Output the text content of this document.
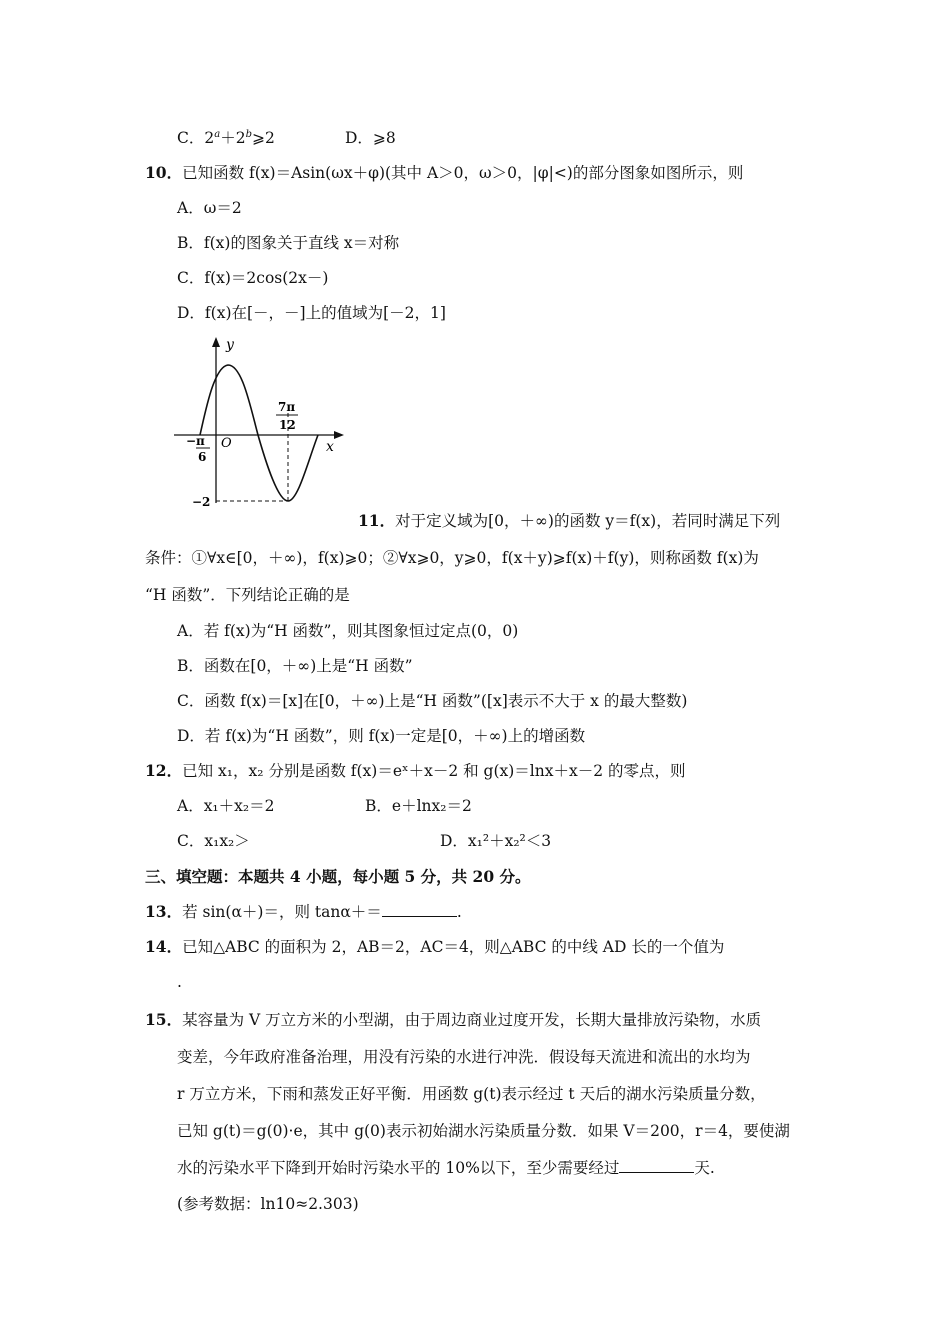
C．$2^a+2^b⩾2$	D．⩾8
10．已知函数 f(x)＝Asin(ωx＋φ)(其中 A＞0，ω＞0，|φ|<)的部分图象如图所示，则
A．ω＝2
B．f(x)的图象关于直线 x＝对称
C．f(x)＝2cos(2x－)
D．f(x)在[－，－]上的值域为[－2，1]
y
x
O
−π
6
7π
12
−2
11．对于定义域为[0，＋∞)的函数 y＝f(x)，若同时满足下列
条件：①∀x∈[0，＋∞)，f(x)⩾0；②∀x⩾0，y⩾0，f(x＋y)⩾f(x)＋f(y)，则称函数 f(x)为
“H 函数”．下列结论正确的是
A．若 f(x)为“H 函数”，则其图象恒过定点(0，0)
B．函数在[0，＋∞)上是“H 函数”
C．函数 f(x)＝[x]在[0，＋∞)上是“H 函数”([x]表示不大于 x 的最大整数)
D．若 f(x)为“H 函数”，则 f(x)一定是[0，＋∞)上的增函数
12．已知 x₁，x₂ 分别是函数 f(x)＝eˣ＋x－2 和 g(x)＝lnx＋x－2 的零点，则
A．x₁＋x₂＝2	B．e＋lnx₂＝2
C．x₁x₂＞	D．x₁²＋x₂²＜3
三、填空题：本题共 4 小题，每小题 5 分，共 20 分。
13．若 sin(α＋)＝，则 tanα＋＝	.
14．已知△ABC 的面积为 2，AB＝2，AC＝4，则△ABC 的中线 AD 长的一个值为
.
15．某容量为 V 万立方米的小型湖，由于周边商业过度开发，长期大量排放污染物，水质
变差，今年政府准备治理，用没有污染的水进行冲洗．假设每天流进和流出的水均为
r 万立方米，下雨和蒸发正好平衡．用函数 g(t)表示经过 t 天后的湖水污染质量分数，
已知 g(t)＝g(0)·e，其中 g(0)表示初始湖水污染质量分数．如果 V＝200，r＝4，要使湖
水的污染水平下降到开始时污染水平的 10%以下，至少需要经过	天.
(参考数据：ln10≈2.303)
